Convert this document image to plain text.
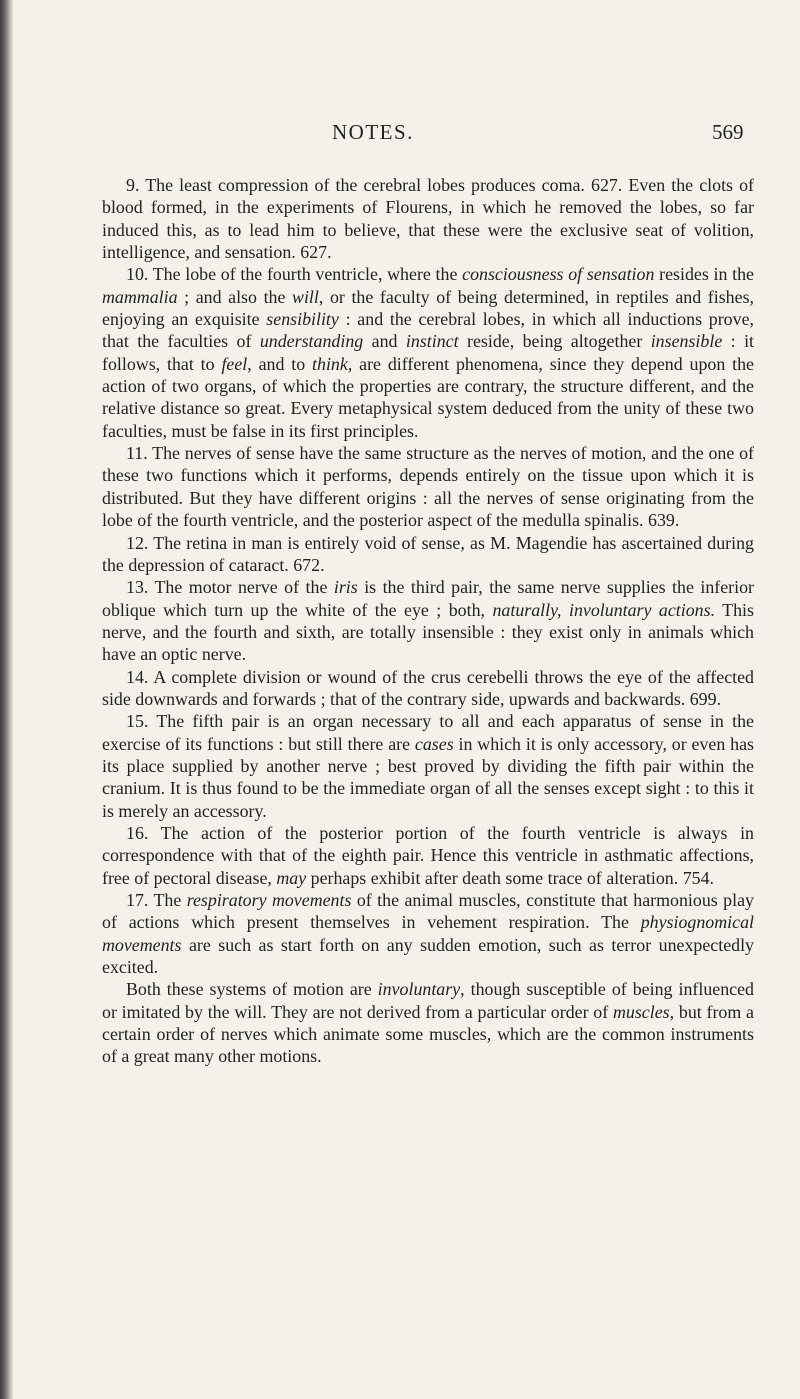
NOTES.	569

9. The least compression of the cerebral lobes produces coma. 627. Even the clots of blood formed, in the experiments of Flourens, in which he removed the lobes, so far induced this, as to lead him to believe, that these were the exclusive seat of volition, intelligence, and sensation. 627.

10. The lobe of the fourth ventricle, where the consciousness of sensation resides in the mammalia ; and also the will, or the faculty of being determined, in reptiles and fishes, enjoying an exquisite sensibility : and the cerebral lobes, in which all inductions prove, that the faculties of understanding and instinct reside, being altogether insensible : it follows, that to feel, and to think, are different phenomena, since they depend upon the action of two organs, of which the properties are contrary, the structure different, and the relative distance so great. Every metaphysical system deduced from the unity of these two faculties, must be false in its first principles.

11. The nerves of sense have the same structure as the nerves of motion, and the one of these two functions which it performs, depends entirely on the tissue upon which it is distributed. But they have different origins : all the nerves of sense originating from the lobe of the fourth ventricle, and the posterior aspect of the medulla spinalis. 639.

12. The retina in man is entirely void of sense, as M. Magendie has ascertained during the depression of cataract. 672.

13. The motor nerve of the iris is the third pair, the same nerve supplies the inferior oblique which turn up the white of the eye ; both, naturally, involuntary actions. This nerve, and the fourth and sixth, are totally insensible : they exist only in animals which have an optic nerve.

14. A complete division or wound of the crus cerebelli throws the eye of the affected side downwards and forwards ; that of the contrary side, upwards and backwards. 699.

15. The fifth pair is an organ necessary to all and each apparatus of sense in the exercise of its functions : but still there are cases in which it is only accessory, or even has its place supplied by another nerve ; best proved by dividing the fifth pair within the cranium. It is thus found to be the immediate organ of all the senses except sight : to this it is merely an accessory.

16. The action of the posterior portion of the fourth ventricle is always in correspondence with that of the eighth pair. Hence this ventricle in asthmatic affections, free of pectoral disease, may perhaps exhibit after death some trace of alteration. 754.

17. The respiratory movements of the animal muscles, constitute that harmonious play of actions which present themselves in vehement respiration. The physiognomical movements are such as start forth on any sudden emotion, such as terror unexpectedly excited.

Both these systems of motion are involuntary, though susceptible of being influenced or imitated by the will. They are not derived from a particular order of muscles, but from a certain order of nerves which animate some muscles, which are the common instruments of a great many other motions.
